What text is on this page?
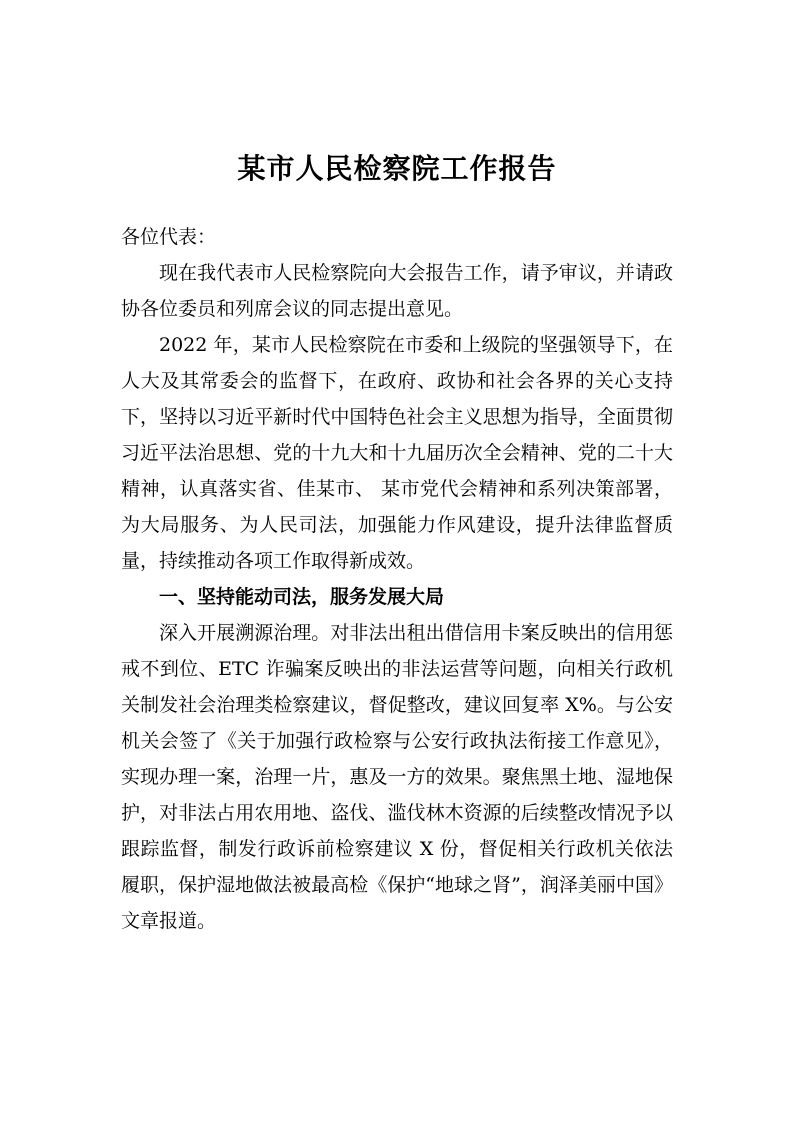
某市人民检察院工作报告

各位代表：

现在我代表市人民检察院向大会报告工作，请予审议，并请政协各位委员和列席会议的同志提出意见。

2022 年，某市人民检察院在市委和上级院的坚强领导下，在人大及其常委会的监督下，在政府、政协和社会各界的关心支持下，坚持以习近平新时代中国特色社会主义思想为指导，全面贯彻习近平法治思想、党的十九大和十九届历次全会精神、党的二十大精神，认真落实省、佳某市、 某市党代会精神和系列决策部署，为大局服务、为人民司法，加强能力作风建设，提升法律监督质量，持续推动各项工作取得新成效。

一、坚持能动司法，服务发展大局

深入开展溯源治理。对非法出租出借信用卡案反映出的信用惩戒不到位、ETC 诈骗案反映出的非法运营等问题，向相关行政机关制发社会治理类检察建议，督促整改，建议回复率 X%。与公安机关会签了《关于加强行政检察与公安行政执法衔接工作意见》，实现办理一案，治理一片，惠及一方的效果。聚焦黑土地、湿地保护，对非法占用农用地、盗伐、滥伐林木资源的后续整改情况予以跟踪监督，制发行政诉前检察建议 X 份，督促相关行政机关依法履职，保护湿地做法被最高检《保护“地球之肾”，润泽美丽中国》文章报道。
